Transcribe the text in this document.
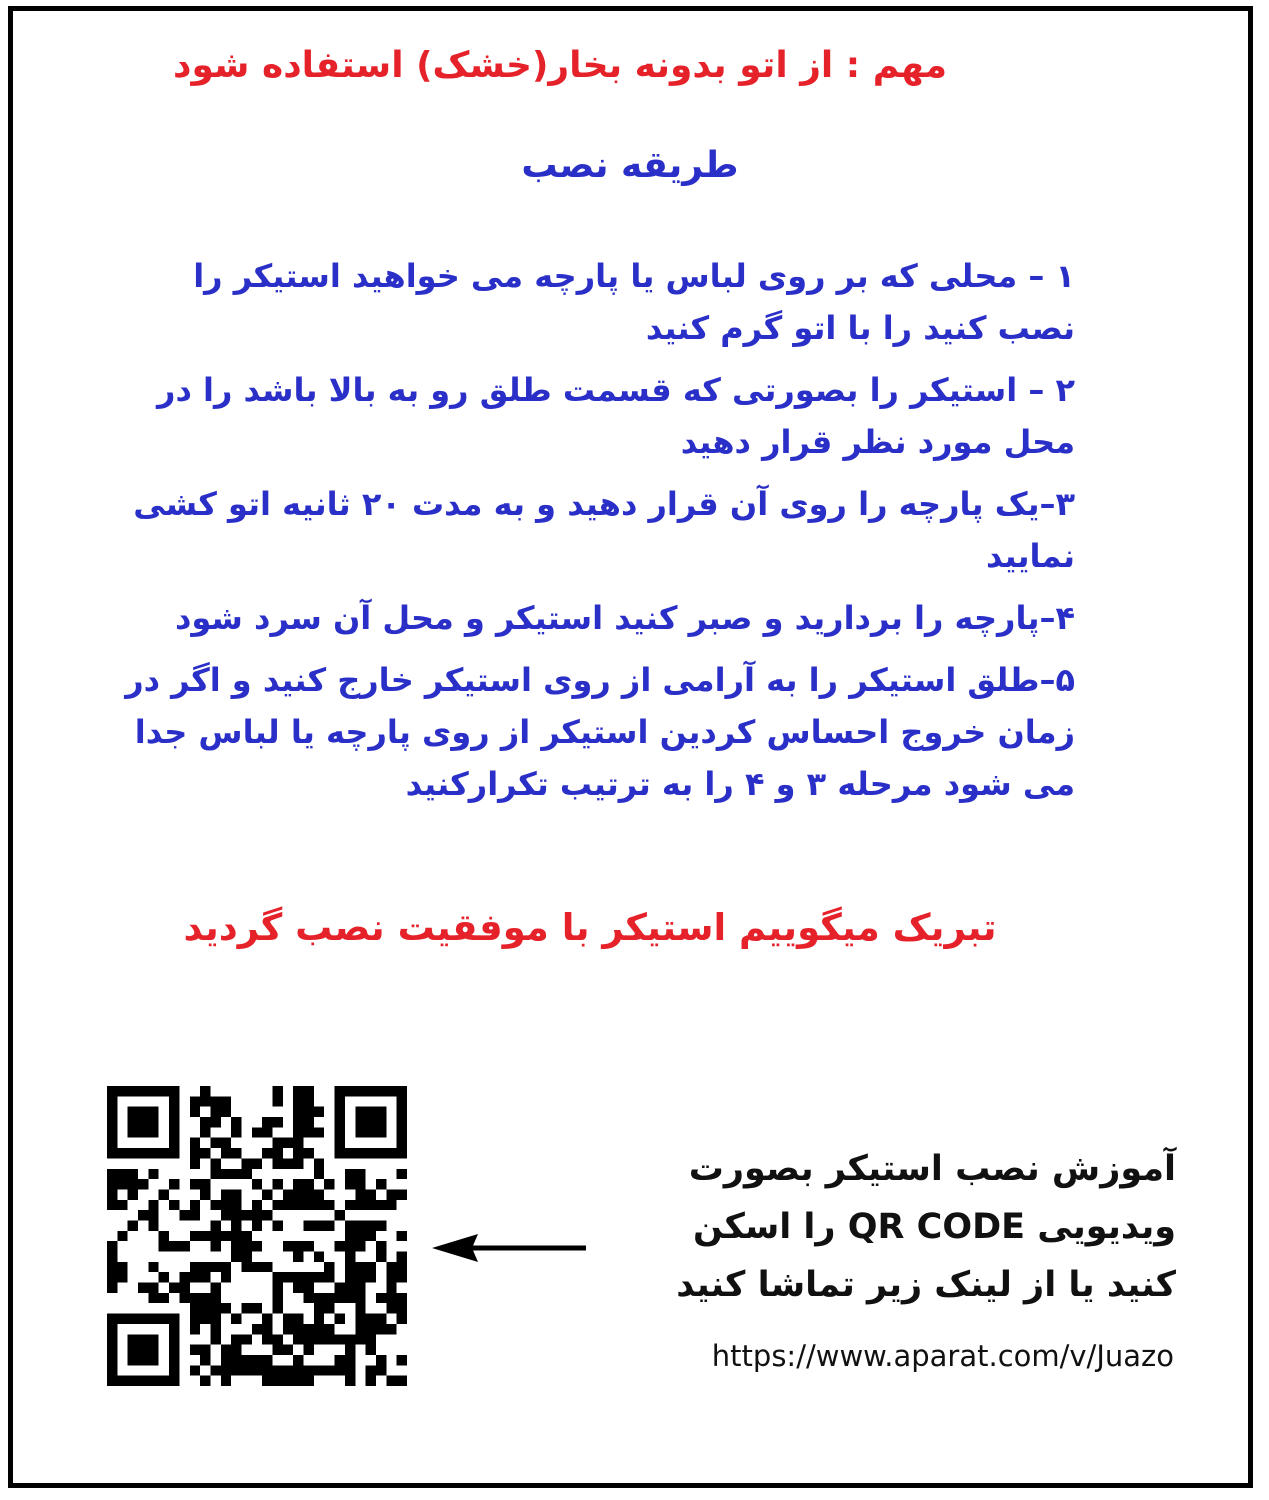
مهم : از اتو بدونه بخار(خشک) استفاده شود
طریقه نصب
۱ – محلی که بر روی لباس یا پارچه می خواهید استیکر را نصب کنید را با اتو گرم کنید
۲ – استیکر را بصورتی که قسمت طلق رو به بالا باشد را در محل مورد نظر قرار دهید
۳–یک پارچه را روی آن قرار دهید و به مدت ۲۰ ثانیه اتو کشی نمایید
۴–پارچه را بردارید و صبر کنید استیکر و محل آن سرد شود
۵–طلق استیکر را به آرامی از روی استیکر خارج کنید و اگر در زمان خروج احساس کردین استیکر از روی پارچه یا لباس جدا می شود مرحله ۳ و ۴ را به ترتیب تکرارکنید
تبریک میگوییم استیکر با موفقیت نصب گردید
آموزش نصب استیکر بصورت
ویدیویی QR CODE را اسکن
کنید یا از لینک زیر تماشا کنید
https://www.aparat.com/v/Juazo
